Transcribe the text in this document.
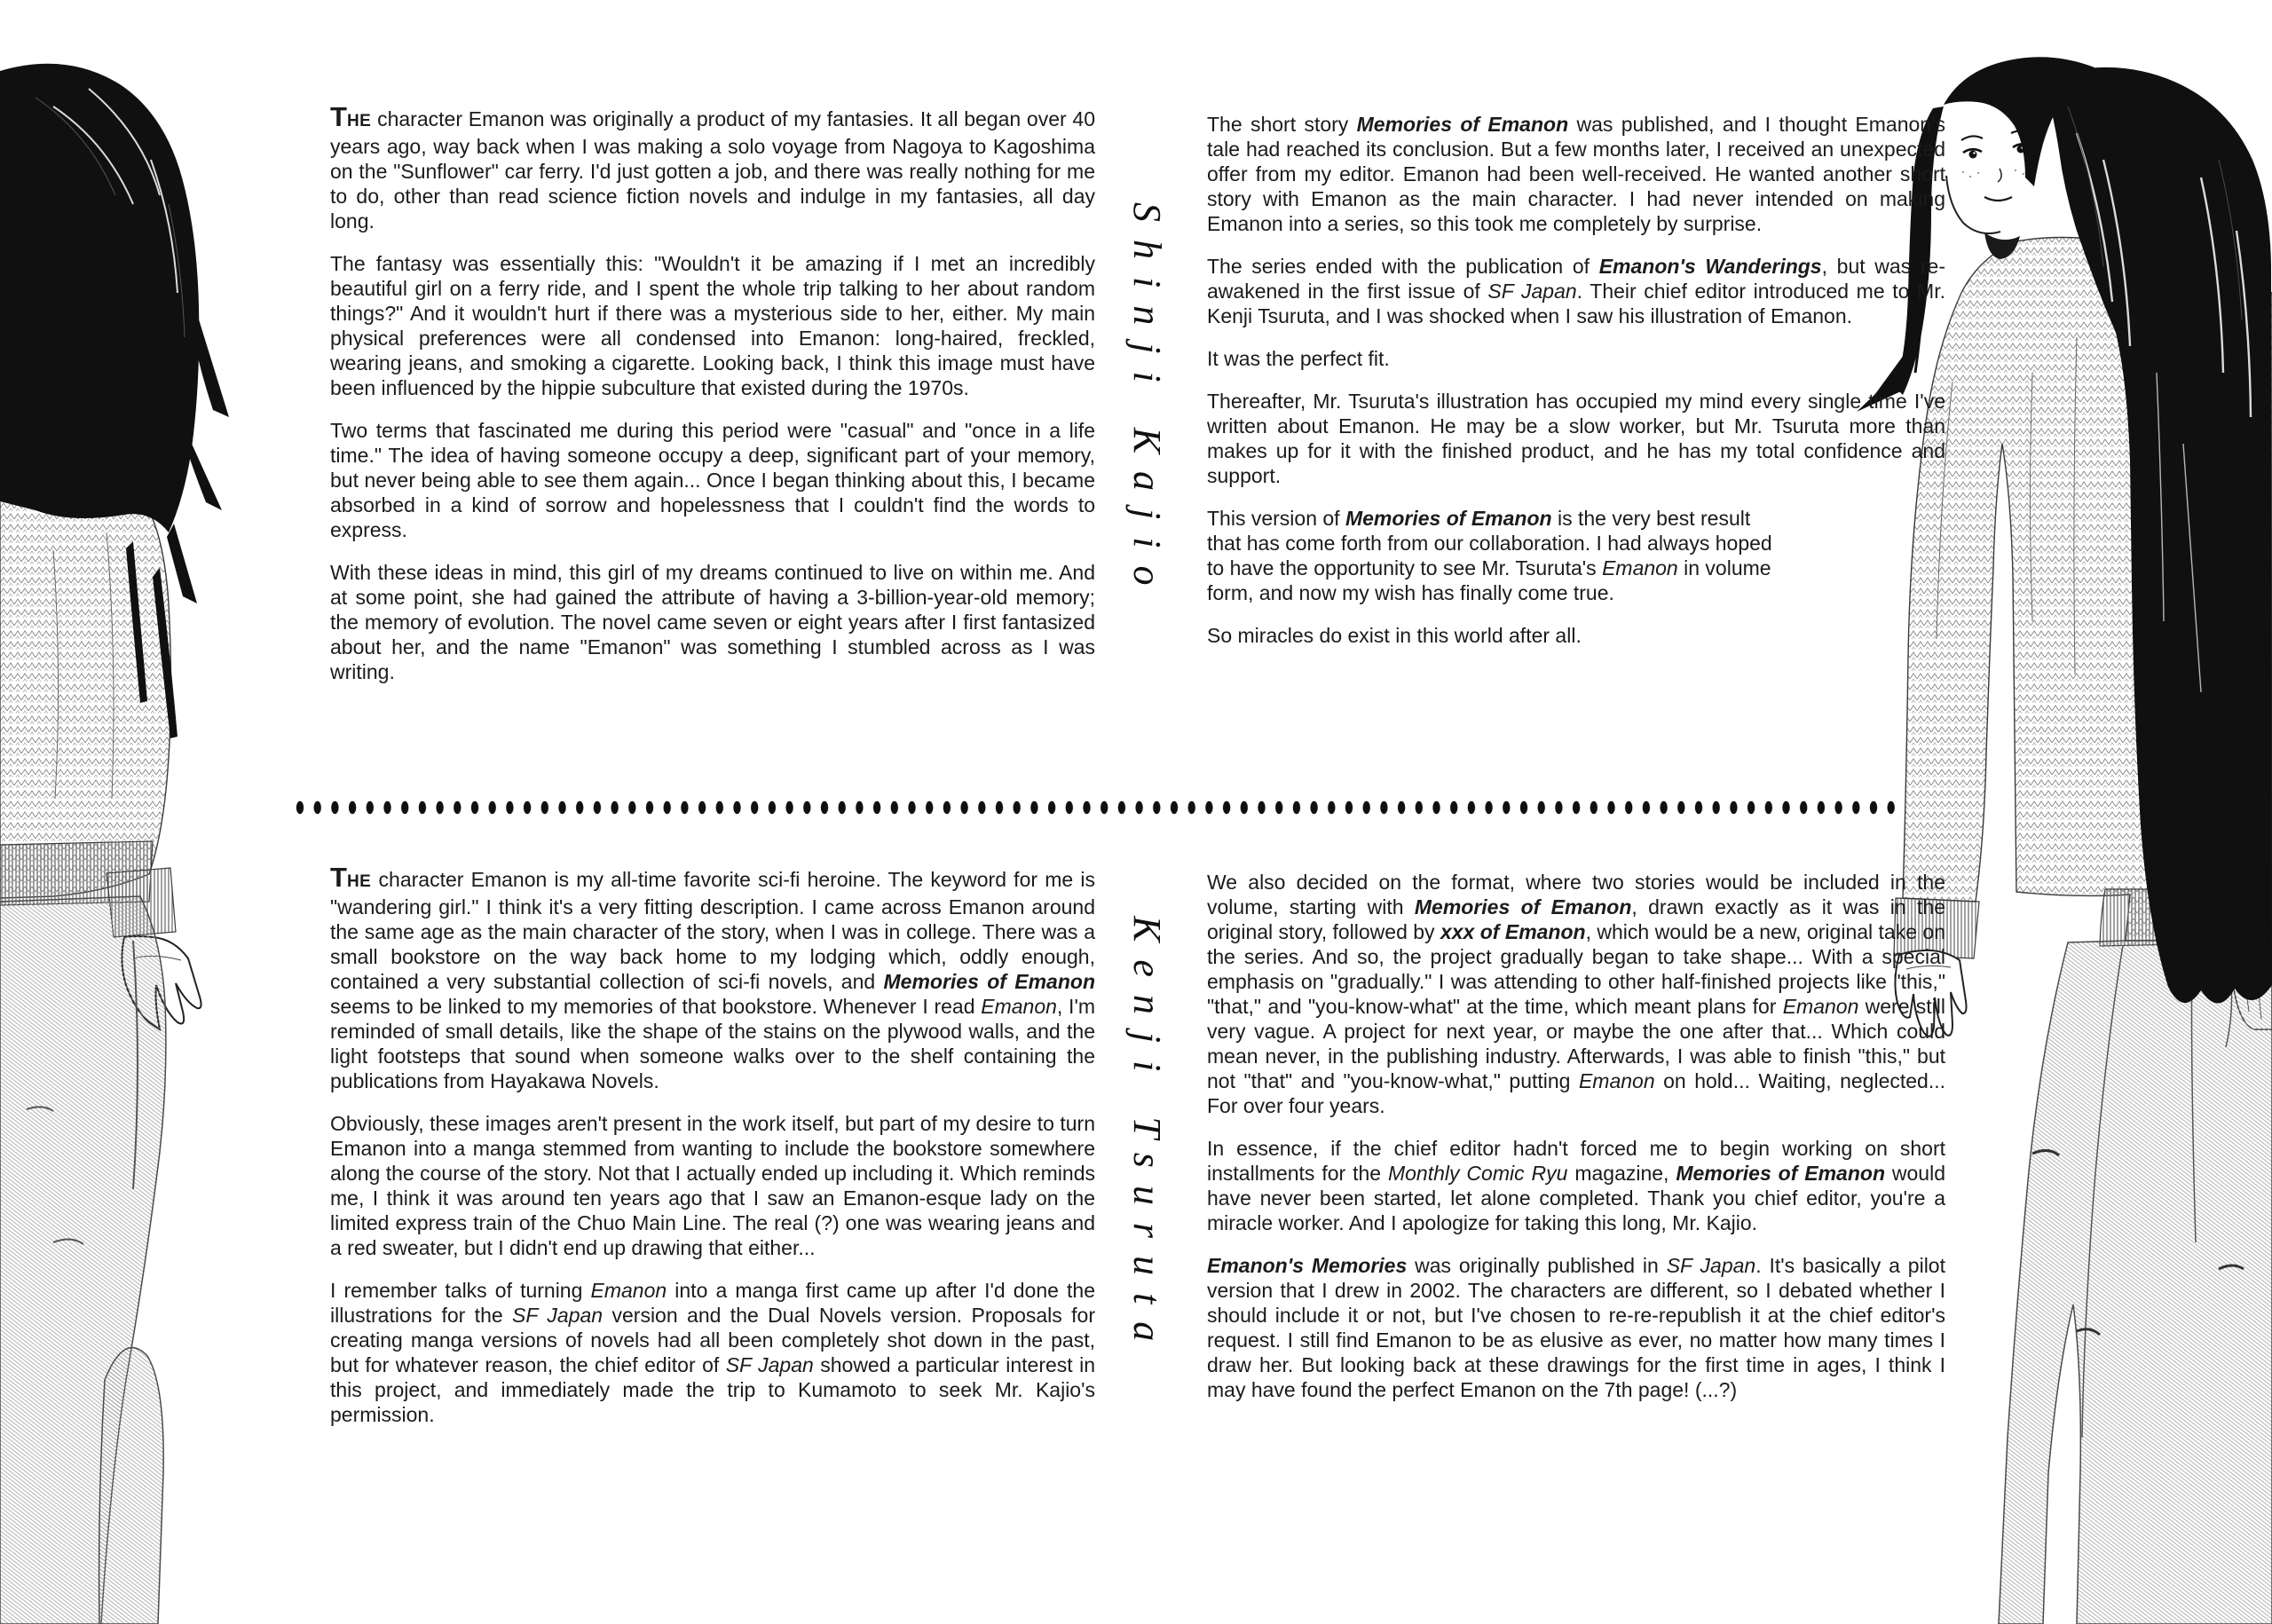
THE character Emanon was originally a product of my fantasies. It all began over 40 years ago, way back when I was making a solo voyage from Nagoya to Kagoshima on the "Sunflower" car ferry. I'd just gotten a job, and there was really nothing for me to do, other than read science fiction novels and indulge in my fantasies, all day long.

The fantasy was essentially this: "Wouldn't it be amazing if I met an incredibly beautiful girl on a ferry ride, and I spent the whole trip talking to her about random things?" And it wouldn't hurt if there was a mysterious side to her, either. My main physical preferences were all condensed into Emanon: long-haired, freckled, wearing jeans, and smoking a cigarette. Looking back, I think this image must have been influenced by the hippie subculture that existed during the 1970s.

Two terms that fascinated me during this period were "casual" and "once in a life time." The idea of having someone occupy a deep, significant part of your memory, but never being able to see them again... Once I began thinking about this, I became absorbed in a kind of sorrow and hopelessness that I couldn't find the words to express.

With these ideas in mind, this girl of my dreams continued to live on within me. And at some point, she had gained the attribute of having a 3-billion-year-old memory; the memory of evolution. The novel came seven or eight years after I first fantasized about her, and the name "Emanon" was something I stumbled across as I was writing.

The short story Memories of Emanon was published, and I thought Emanon's tale had reached its conclusion. But a few months later, I received an unexpected offer from my editor. Emanon had been well-received. He wanted another short story with Emanon as the main character. I had never intended on making Emanon into a series, so this took me completely by surprise.

The series ended with the publication of Emanon's Wanderings, but was re-awakened in the first issue of SF Japan. Their chief editor introduced me to Mr. Kenji Tsuruta, and I was shocked when I saw his illustration of Emanon.

It was the perfect fit.

Thereafter, Mr. Tsuruta's illustration has occupied my mind every single time I've written about Emanon. He may be a slow worker, but Mr. Tsuruta more than makes up for it with the finished product, and he has my total confidence and support.

This version of Memories of Emanon is the very best result that has come forth from our collaboration. I had always hoped to have the opportunity to see Mr. Tsuruta's Emanon in volume form, and now my wish has finally come true.

So miracles do exist in this world after all.

THE character Emanon is my all-time favorite sci-fi heroine. The keyword for me is "wandering girl." I think it's a very fitting description. I came across Emanon around the same age as the main character of the story, when I was in college. There was a small bookstore on the way back home to my lodging which, oddly enough, contained a very substantial collection of sci-fi novels, and Memories of Emanon seems to be linked to my memories of that bookstore. Whenever I read Emanon, I'm reminded of small details, like the shape of the stains on the plywood walls, and the light footsteps that sound when someone walks over to the shelf containing the publications from Hayakawa Novels.

Obviously, these images aren't present in the work itself, but part of my desire to turn Emanon into a manga stemmed from wanting to include the bookstore somewhere along the course of the story. Not that I actually ended up including it. Which reminds me, I think it was around ten years ago that I saw an Emanon-esque lady on the limited express train of the Chuo Main Line. The real (?) one was wearing jeans and a red sweater, but I didn't end up drawing that either...

I remember talks of turning Emanon into a manga first came up after I'd done the illustrations for the SF Japan version and the Dual Novels version. Proposals for creating manga versions of novels had all been completely shot down in the past, but for whatever reason, the chief editor of SF Japan showed a particular interest in this project, and immediately made the trip to Kumamoto to seek Mr. Kajio's permission.

We also decided on the format, where two stories would be included in the volume, starting with Memories of Emanon, drawn exactly as it was in the original story, followed by xxx of Emanon, which would be a new, original take on the series. And so, the project gradually began to take shape... With a special emphasis on "gradually." I was attending to other half-finished projects like "this," "that," and "you-know-what" at the time, which meant plans for Emanon were still very vague. A project for next year, or maybe the one after that... Which could mean never, in the publishing industry. Afterwards, I was able to finish "this," but not "that" and "you-know-what," putting Emanon on hold... Waiting, neglected... For over four years.

In essence, if the chief editor hadn't forced me to begin working on short installments for the Monthly Comic Ryu magazine, Memories of Emanon would have never been started, let alone completed. Thank you chief editor, you're a miracle worker. And I apologize for taking this long, Mr. Kajio.

Emanon's Memories was originally published in SF Japan. It's basically a pilot version that I drew in 2002. The characters are different, so I debated whether I should include it or not, but I've chosen to re-re-republish it at the chief editor's request. I still find Emanon to be as elusive as ever, no matter how many times I draw her. But looking back at these drawings for the first time in ages, I think I may have found the perfect Emanon on the 7th page! (...?)

Shinji Kajio
Kenji Tsuruta
